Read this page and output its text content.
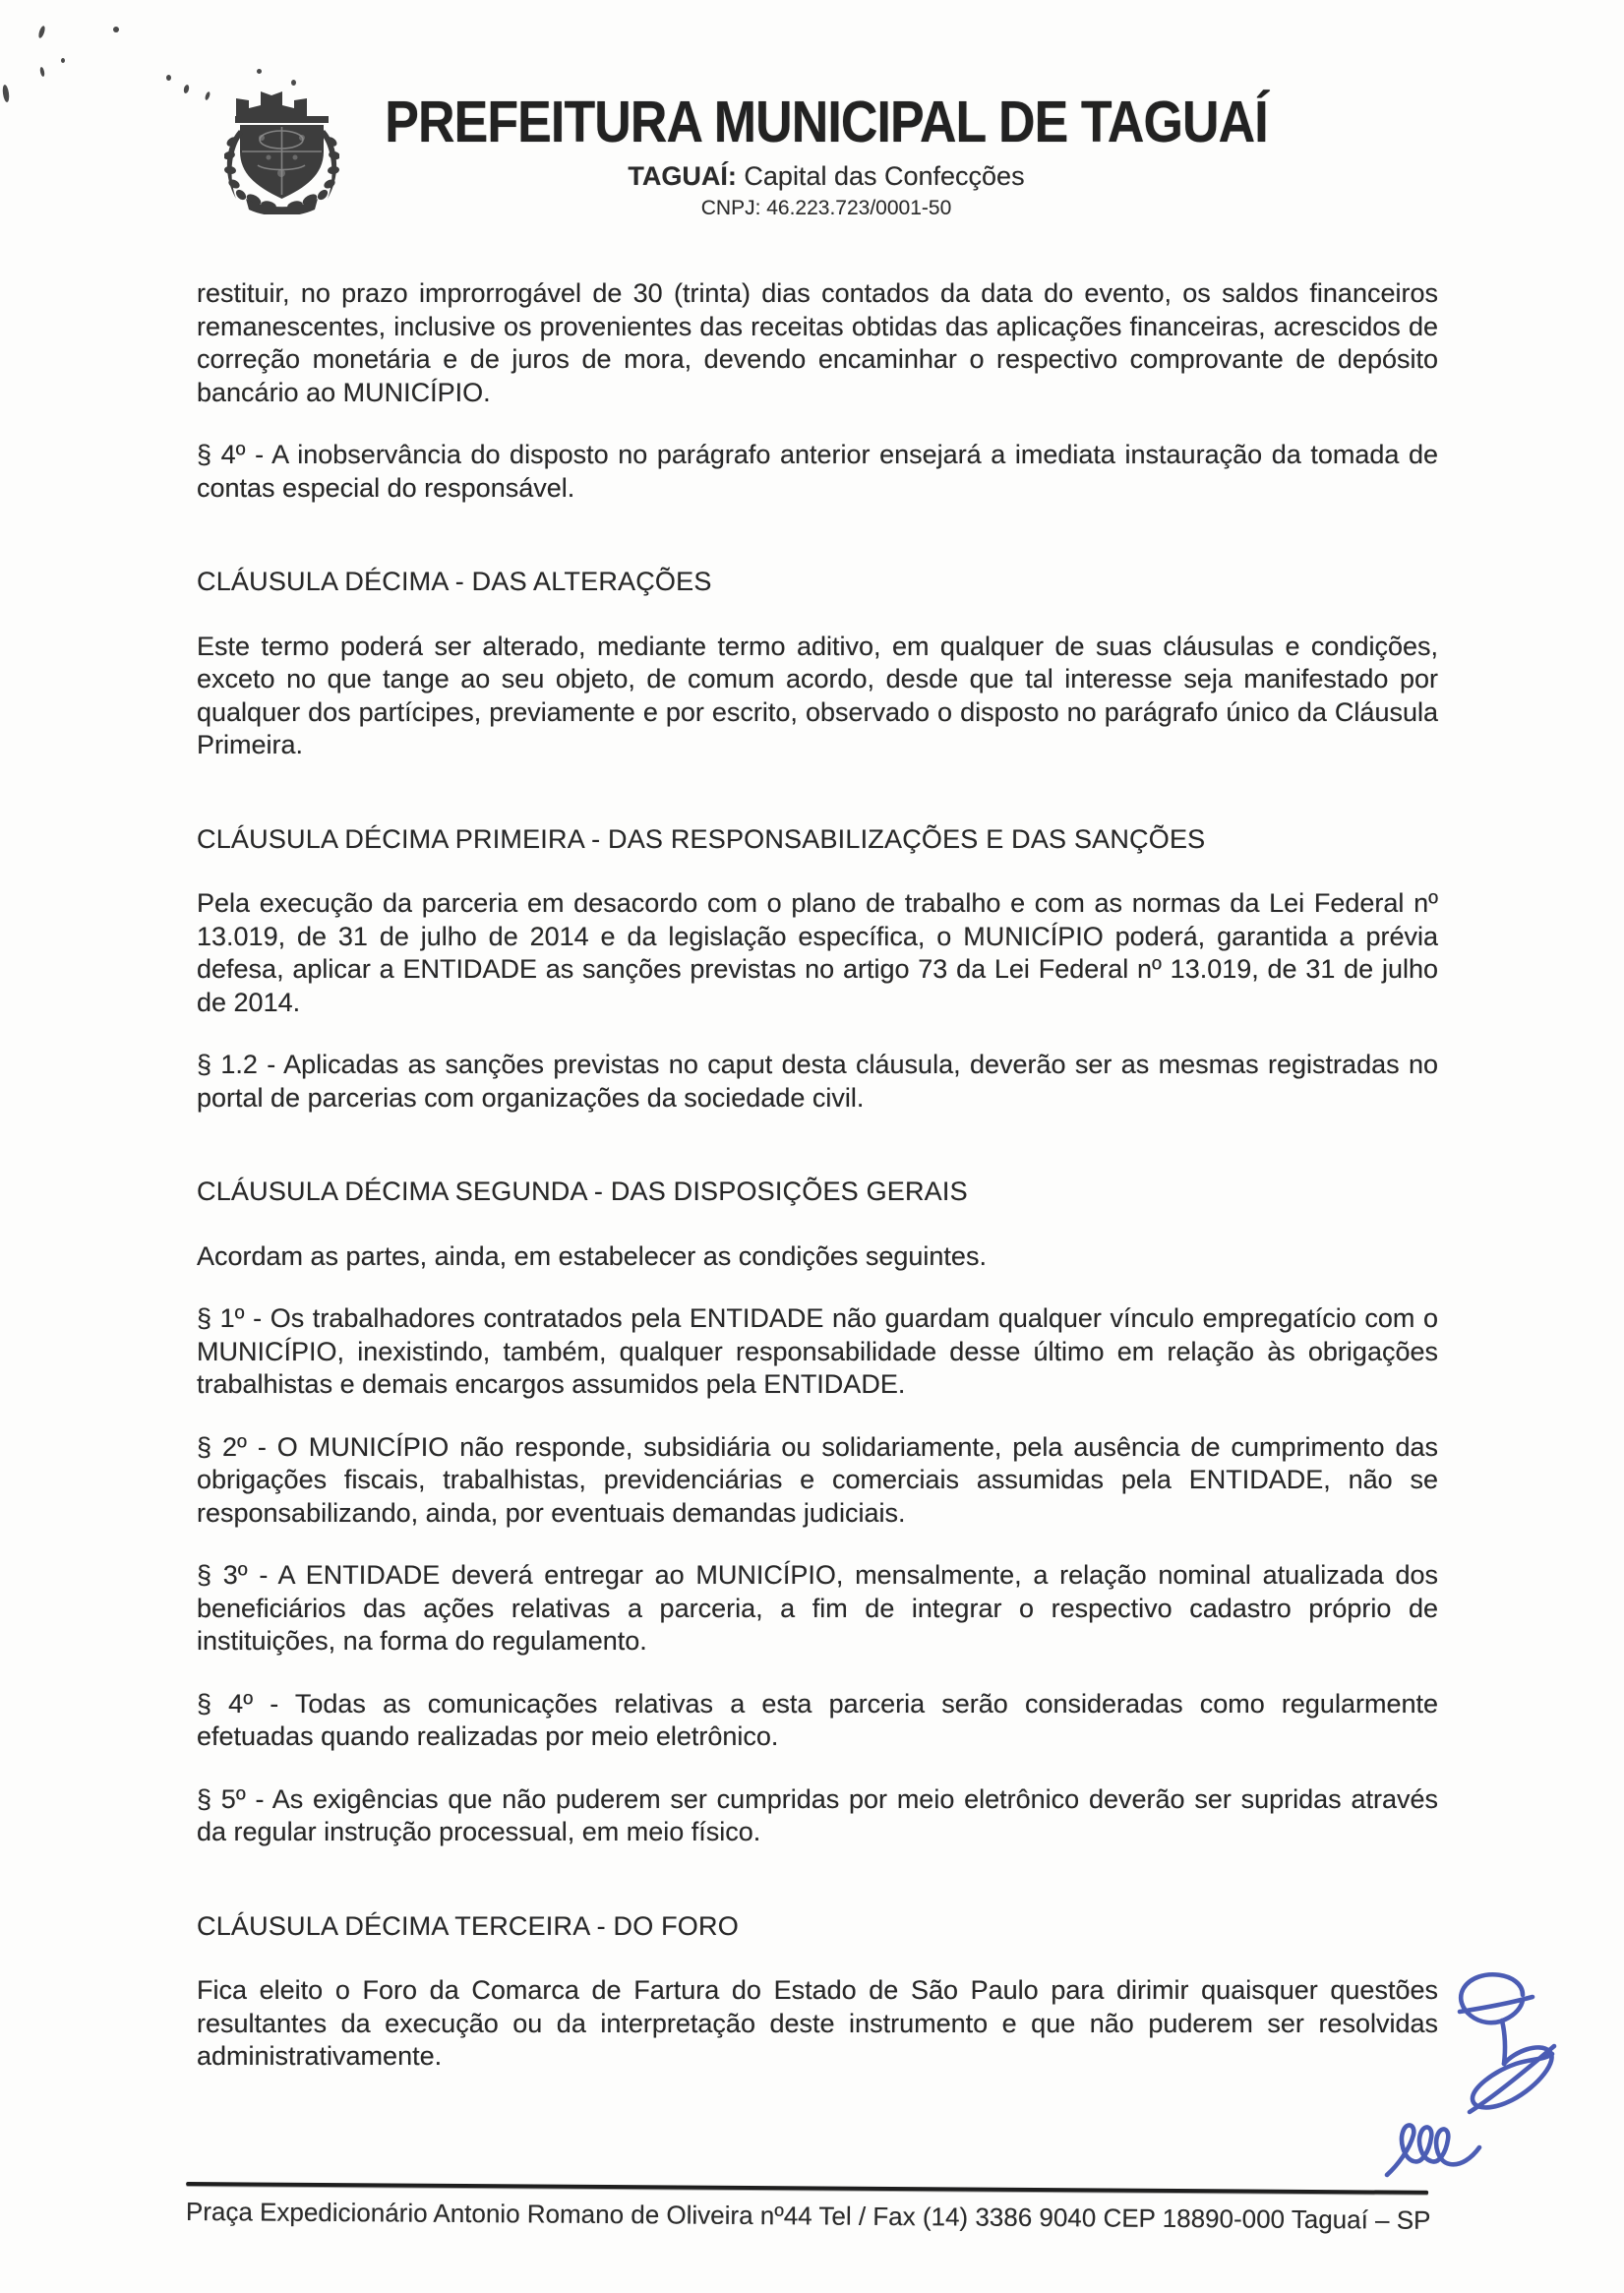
PREFEITURA MUNICIPAL DE TAGUAÍ
TAGUAÍ: Capital das Confecções
CNPJ: 46.223.723/0001-50

restituir, no prazo improrrogável de 30 (trinta) dias contados da data do evento, os saldos financeiros remanescentes, inclusive os provenientes das receitas obtidas das aplicações financeiras, acrescidos de correção monetária e de juros de mora, devendo encaminhar o respectivo comprovante de depósito bancário ao MUNICÍPIO.

§ 4º - A inobservância do disposto no parágrafo anterior ensejará a imediata instauração da tomada de contas especial do responsável.

CLÁUSULA DÉCIMA - DAS ALTERAÇÕES

Este termo poderá ser alterado, mediante termo aditivo, em qualquer de suas cláusulas e condições, exceto no que tange ao seu objeto, de comum acordo, desde que tal interesse seja manifestado por qualquer dos partícipes, previamente e por escrito, observado o disposto no parágrafo único da Cláusula Primeira.

CLÁUSULA DÉCIMA PRIMEIRA - DAS RESPONSABILIZAÇÕES E DAS SANÇÕES

Pela execução da parceria em desacordo com o plano de trabalho e com as normas da Lei Federal nº 13.019, de 31 de julho de 2014 e da legislação específica, o MUNICÍPIO poderá, garantida a prévia defesa, aplicar a ENTIDADE as sanções previstas no artigo 73 da Lei Federal nº 13.019, de 31 de julho de 2014.

§ 1.2 - Aplicadas as sanções previstas no caput desta cláusula, deverão ser as mesmas registradas no portal de parcerias com organizações da sociedade civil.

CLÁUSULA DÉCIMA SEGUNDA - DAS DISPOSIÇÕES GERAIS

Acordam as partes, ainda, em estabelecer as condições seguintes.

§ 1º - Os trabalhadores contratados pela ENTIDADE não guardam qualquer vínculo empregatício com o MUNICÍPIO, inexistindo, também, qualquer responsabilidade desse último em relação às obrigações trabalhistas e demais encargos assumidos pela ENTIDADE.

§ 2º - O MUNICÍPIO não responde, subsidiária ou solidariamente, pela ausência de cumprimento das obrigações fiscais, trabalhistas, previdenciárias e comerciais assumidas pela ENTIDADE, não se responsabilizando, ainda, por eventuais demandas judiciais.

§ 3º - A ENTIDADE deverá entregar ao MUNICÍPIO, mensalmente, a relação nominal atualizada dos beneficiários das ações relativas a parceria, a fim de integrar o respectivo cadastro próprio de instituições, na forma do regulamento.

§ 4º - Todas as comunicações relativas a esta parceria serão consideradas como regularmente efetuadas quando realizadas por meio eletrônico.

§ 5º - As exigências que não puderem ser cumpridas por meio eletrônico deverão ser supridas através da regular instrução processual, em meio físico.

CLÁUSULA DÉCIMA TERCEIRA - DO FORO

Fica eleito o Foro da Comarca de Fartura do Estado de São Paulo para dirimir quaisquer questões resultantes da execução ou da interpretação deste instrumento e que não puderem ser resolvidas administrativamente.

Praça Expedicionário Antonio Romano de Oliveira nº44 Tel / Fax (14) 3386 9040 CEP 18890-000 Taguaí – SP
